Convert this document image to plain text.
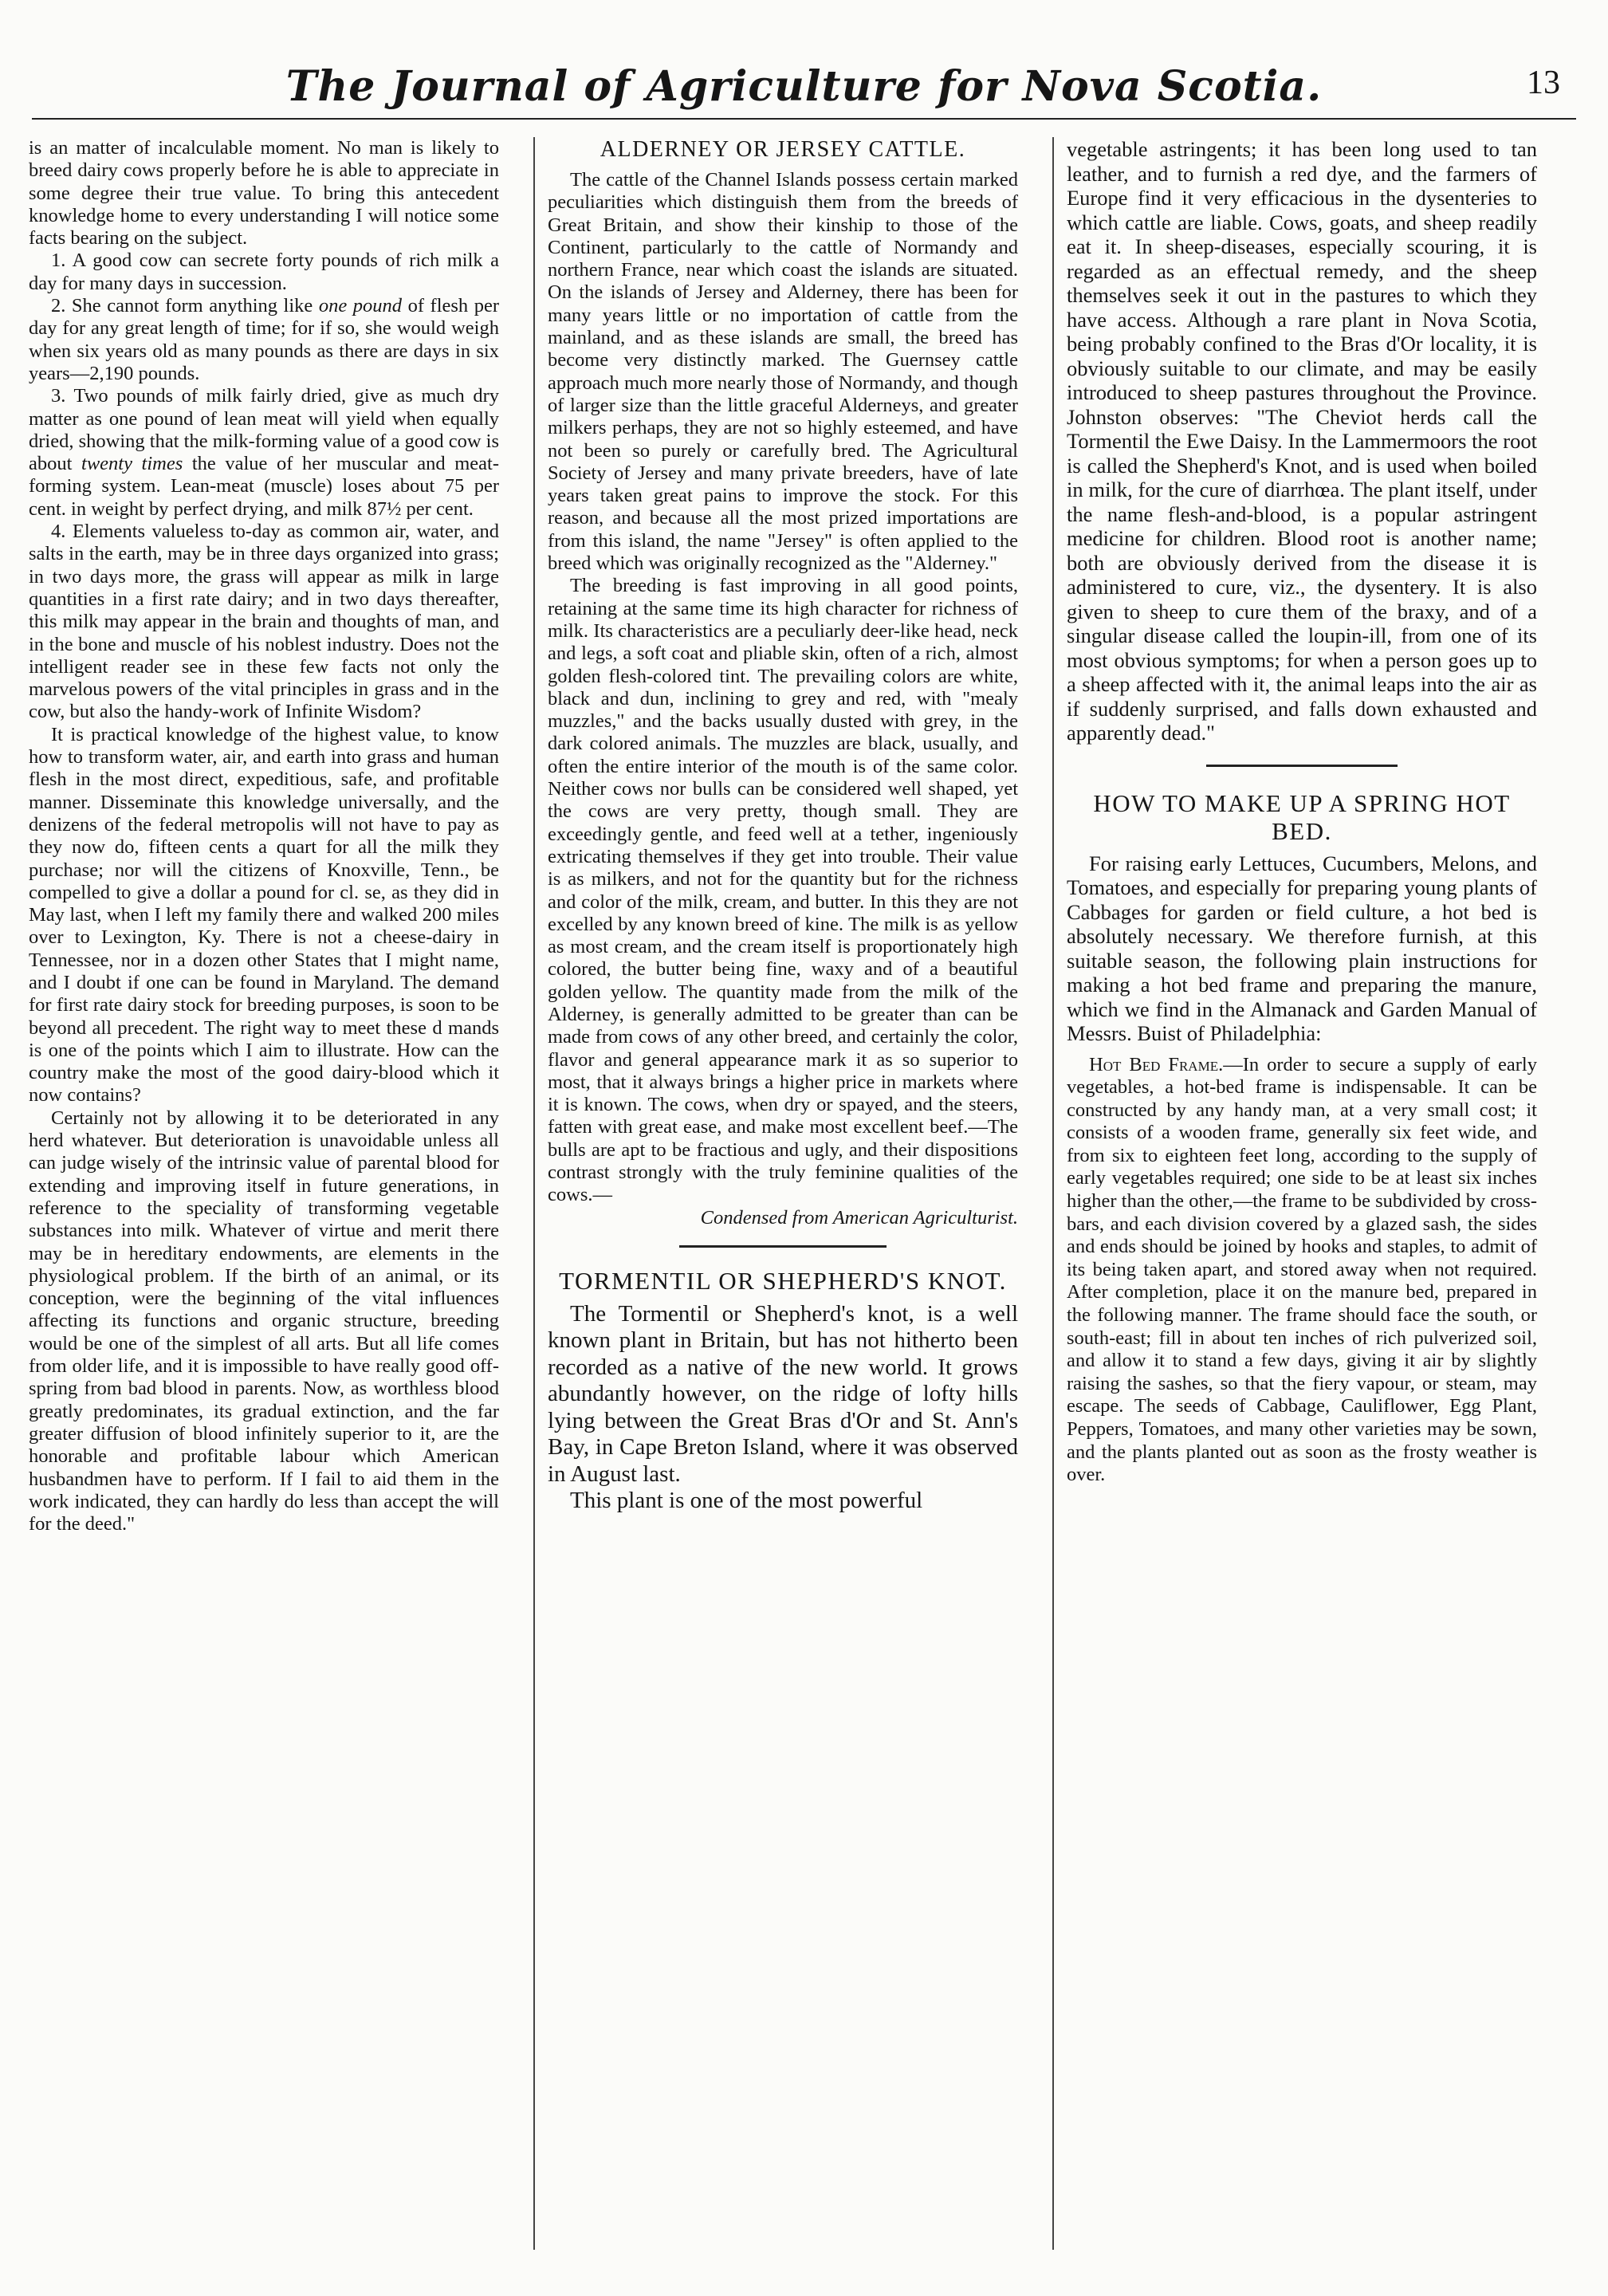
The Journal of Agriculture for Nova Scotia.	13

is an matter of incalculable moment. No man is likely to breed dairy cows properly before he is able to appreciate in some degree their true value. To bring this antecedent knowledge home to every understanding I will notice some facts bearing on the subject.

1. A good cow can secrete forty pounds of rich milk a day for many days in succession.

2. She cannot form anything like one pound of flesh per day for any great length of time; for if so, she would weigh when six years old as many pounds as there are days in six years—2,190 pounds.

3. Two pounds of milk fairly dried, give as much dry matter as one pound of lean meat will yield when equally dried, showing that the milk-forming value of a good cow is about twenty times the value of her muscular and meat-forming system. Lean-meat (muscle) loses about 75 per cent. in weight by perfect drying, and milk 87½ per cent.

4. Elements valueless to-day as common air, water, and salts in the earth, may be in three days organized into grass; in two days more, the grass will appear as milk in large quantities in a first rate dairy; and in two days thereafter, this milk may appear in the brain and thoughts of man, and in the bone and muscle of his noblest industry. Does not the intelligent reader see in these few facts not only the marvelous powers of the vital principles in grass and in the cow, but also the handy-work of Infinite Wisdom?

It is practical knowledge of the highest value, to know how to transform water, air, and earth into grass and human flesh in the most direct, expeditious, safe, and profitable manner. Disseminate this knowledge universally, and the denizens of the federal metropolis will not have to pay as they now do, fifteen cents a quart for all the milk they purchase; nor will the citizens of Knoxville, Tenn., be compelled to give a dollar a pound for cl. se, as they did in May last, when I left my family there and walked 200 miles over to Lexington, Ky. There is not a cheese-dairy in Tennessee, nor in a dozen other States that I might name, and I doubt if one can be found in Maryland. The demand for first rate dairy stock for breeding purposes, is soon to be beyond all precedent. The right way to meet these d mands is one of the points which I aim to illustrate. How can the country make the most of the good dairy-blood which it now contains?

Certainly not by allowing it to be deteriorated in any herd whatever. But deterioration is unavoidable unless all can judge wisely of the intrinsic value of parental blood for extending and improving itself in future generations, in reference to the speciality of transforming vegetable substances into milk. Whatever of virtue and merit there may be in hereditary endowments, are elements in the physiological problem. If the birth of an animal, or its conception, were the beginning of the vital influences affecting its functions and organic structure, breeding would be one of the simplest of all arts. But all life comes from older life, and it is impossible to have really good off-spring from bad blood in parents. Now, as worthless blood greatly predominates, its gradual extinction, and the far greater diffusion of blood infinitely superior to it, are the honorable and profitable labour which American husbandmen have to perform. If I fail to aid them in the work indicated, they can hardly do less than accept the will for the deed."

ALDERNEY OR JERSEY CATTLE.

The cattle of the Channel Islands possess certain marked peculiarities which distinguish them from the breeds of Great Britain, and show their kinship to those of the Continent, particularly to the cattle of Normandy and northern France, near which coast the islands are situated. On the islands of Jersey and Alderney, there has been for many years little or no importation of cattle from the mainland, and as these islands are small, the breed has become very distinctly marked. The Guernsey cattle approach much more nearly those of Normandy, and though of larger size than the little graceful Alderneys, and greater milkers perhaps, they are not so highly esteemed, and have not been so purely or carefully bred. The Agricultural Society of Jersey and many private breeders, have of late years taken great pains to improve the stock. For this reason, and because all the most prized importations are from this island, the name "Jersey" is often applied to the breed which was originally recognized as the "Alderney."

The breeding is fast improving in all good points, retaining at the same time its high character for richness of milk. Its characteristics are a peculiarly deer-like head, neck and legs, a soft coat and pliable skin, often of a rich, almost golden flesh-colored tint. The prevailing colors are white, black and dun, inclining to grey and red, with "mealy muzzles," and the backs usually dusted with grey, in the dark colored animals. The muzzles are black, usually, and often the entire interior of the mouth is of the same color. Neither cows nor bulls can be considered well shaped, yet the cows are very pretty, though small. They are exceedingly gentle, and feed well at a tether, ingeniously extricating themselves if they get into trouble. Their value is as milkers, and not for the quantity but for the richness and color of the milk, cream, and butter. In this they are not excelled by any known breed of kine. The milk is as yellow as most cream, and the cream itself is proportionately high colored, the butter being fine, waxy and of a beautiful golden yellow. The quantity made from the milk of the Alderney, is generally admitted to be greater than can be made from cows of any other breed, and certainly the color, flavor and general appearance mark it as so superior to most, that it always brings a higher price in markets where it is known. The cows, when dry or spayed, and the steers, fatten with great ease, and make most excellent beef.—The bulls are apt to be fractious and ugly, and their dispositions contrast strongly with the truly feminine qualities of the cows.—

Condensed from American Agriculturist.
TORMENTIL OR SHEPHERD'S KNOT.

The Tormentil or Shepherd's knot, is a well known plant in Britain, but has not hitherto been recorded as a native of the new world. It grows abundantly however, on the ridge of lofty hills lying between the Great Bras d'Or and St. Ann's Bay, in Cape Breton Island, where it was observed in August last.

This plant is one of the most powerful

vegetable astringents; it has been long used to tan leather, and to furnish a red dye, and the farmers of Europe find it very efficacious in the dysenteries to which cattle are liable. Cows, goats, and sheep readily eat it. In sheep-diseases, especially scouring, it is regarded as an effectual remedy, and the sheep themselves seek it out in the pastures to which they have access. Although a rare plant in Nova Scotia, being probably confined to the Bras d'Or locality, it is obviously suitable to our climate, and may be easily introduced to sheep pastures throughout the Province. Johnston observes: "The Cheviot herds call the Tormentil the Ewe Daisy. In the Lammermoors the root is called the Shepherd's Knot, and is used when boiled in milk, for the cure of diarrhœa. The plant itself, under the name flesh-and-blood, is a popular astringent medicine for children. Blood root is another name; both are obviously derived from the disease it is administered to cure, viz., the dysentery. It is also given to sheep to cure them of the braxy, and of a singular disease called the loupin-ill, from one of its most obvious symptoms; for when a person goes up to a sheep affected with it, the animal leaps into the air as if suddenly surprised, and falls down exhausted and apparently dead."

HOW TO MAKE UP A SPRING HOT BED.

For raising early Lettuces, Cucumbers, Melons, and Tomatoes, and especially for preparing young plants of Cabbages for garden or field culture, a hot bed is absolutely necessary. We therefore furnish, at this suitable season, the following plain instructions for making a hot bed frame and preparing the manure, which we find in the Almanack and Garden Manual of Messrs. Buist of Philadelphia:

Hot Bed Frame.—In order to secure a supply of early vegetables, a hot-bed frame is indispensable. It can be constructed by any handy man, at a very small cost; it consists of a wooden frame, generally six feet wide, and from six to eighteen feet long, according to the supply of early vegetables required; one side to be at least six inches higher than the other,—the frame to be subdivided by cross-bars, and each division covered by a glazed sash, the sides and ends should be joined by hooks and staples, to admit of its being taken apart, and stored away when not required. After completion, place it on the manure bed, prepared in the following manner. The frame should face the south, or south-east; fill in about ten inches of rich pulverized soil, and allow it to stand a few days, giving it air by slightly raising the sashes, so that the fiery vapour, or steam, may escape. The seeds of Cabbage, Cauliflower, Egg Plant, Peppers, Tomatoes, and many other varieties may be sown, and the plants planted out as soon as the frosty weather is over.
